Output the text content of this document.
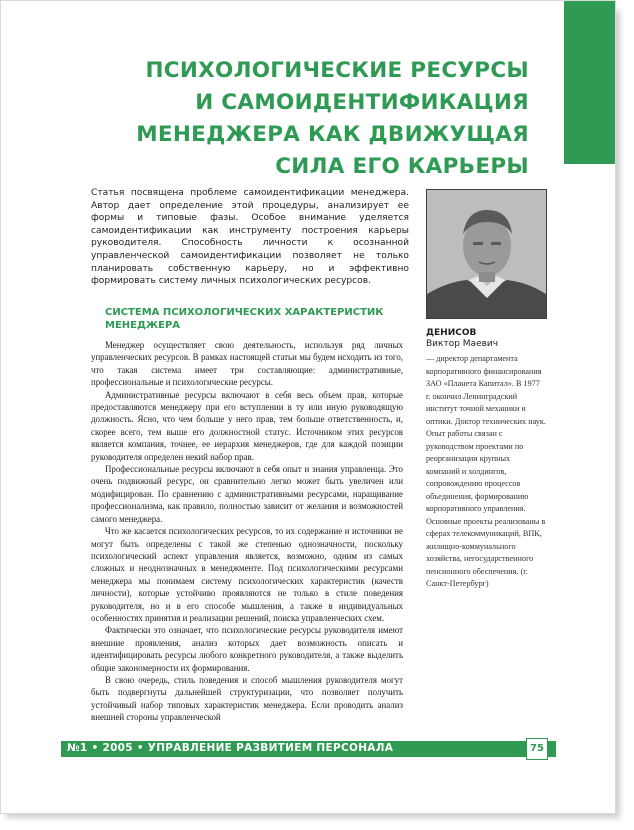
ПСИХОЛОГИЧЕСКИЕ РЕСУРСЫ
И САМОИДЕНТИФИКАЦИЯ
МЕНЕДЖЕРА КАК ДВИЖУЩАЯ
СИЛА ЕГО КАРЬЕРЫ
Статья посвящена проблеме самоидентификации менеджера. Автор дает определение этой процедуры, анализирует ее формы и типовые фазы. Особое внимание уделяется самоидентификации как инструменту построения карьеры руководителя. Способность личности к осознанной управленческой самоидентификации позволяет не только планировать собственную карьеру, но и эффективно формировать систему личных психологических ресурсов.
ДЕНИСОВ
Виктор Маевич
— директор департамента корпоративного финансирования ЗАО «Планета Капитал». В 1977 г. окончил Ленинградский институт точной механики и оптики. Доктор технических наук. Опыт работы связан с руководством проектами по реорганизации крупных компаний и холдингов, сопровождению процессов объединения, формированию корпоративного управления. Основные проекты реализованы в сферах телекоммуникаций, ВПК, жилищно-коммунального хозяйства, негосударственного пенсионного обеспечения. (г. Санкт-Петербург)
СИСТЕМА ПСИХОЛОГИЧЕСКИХ ХАРАКТЕРИСТИК МЕНЕДЖЕРА

Менеджер осуществляет свою деятельность, используя ряд личных управленческих ресурсов. В рамках настоящей статьи мы будем исходить из того, что такая система имеет три составляющие: административные, профессиональные и психологические ресурсы.

Административные ресурсы включают в себя весь объем прав, которые предоставляются менеджеру при его вступлении в ту или иную руководящую должность. Ясно, что чем больше у него прав, тем больше ответственность, и, скорее всего, тем выше его должностной статус. Источником этих ресурсов является компания, точнее, ее иерархия менеджеров, где для каждой позиции руководителя определен некий набор прав.

Профессиональные ресурсы включают в себя опыт и знания управленца. Это очень подвижный ресурс, он сравнительно легко может быть увеличен или модифицирован. По сравнению с административными ресурсами, наращивание профессионализма, как правило, полностью зависит от желания и возможностей самого менеджера.

Что же касается психологических ресурсов, то их содержание и источники не могут быть определены с такой же степенью однозначности, поскольку психологический аспект управления является, возможно, одним из самых сложных и неоднозначных в менеджменте. Под психологическими ресурсами менеджера мы понимаем систему психологических характеристик (качеств личности), которые устойчиво проявляются не только в стиле поведения руководителя, но и в его способе мышления, а также в индивидуальных особенностях принятия и реализации решений, поиска управленческих схем.

Фактически это означает, что психологические ресурсы руководителя имеют внешние проявления, анализ которых дает возможность описать и идентифицировать ресурсы любого конкретного руководителя, а также выделить общие закономерности их формирования.

В свою очередь, стиль поведения и способ мышления руководителя могут быть подвергнуты дальнейшей структуризации, что позволяет получить устойчивый набор типовых характеристик менеджера. Если проводить анализ внешней стороны управленческой

№1 • 2005 • УПРАВЛЕНИЕ РАЗВИТИЕМ ПЕРСОНАЛА	75
